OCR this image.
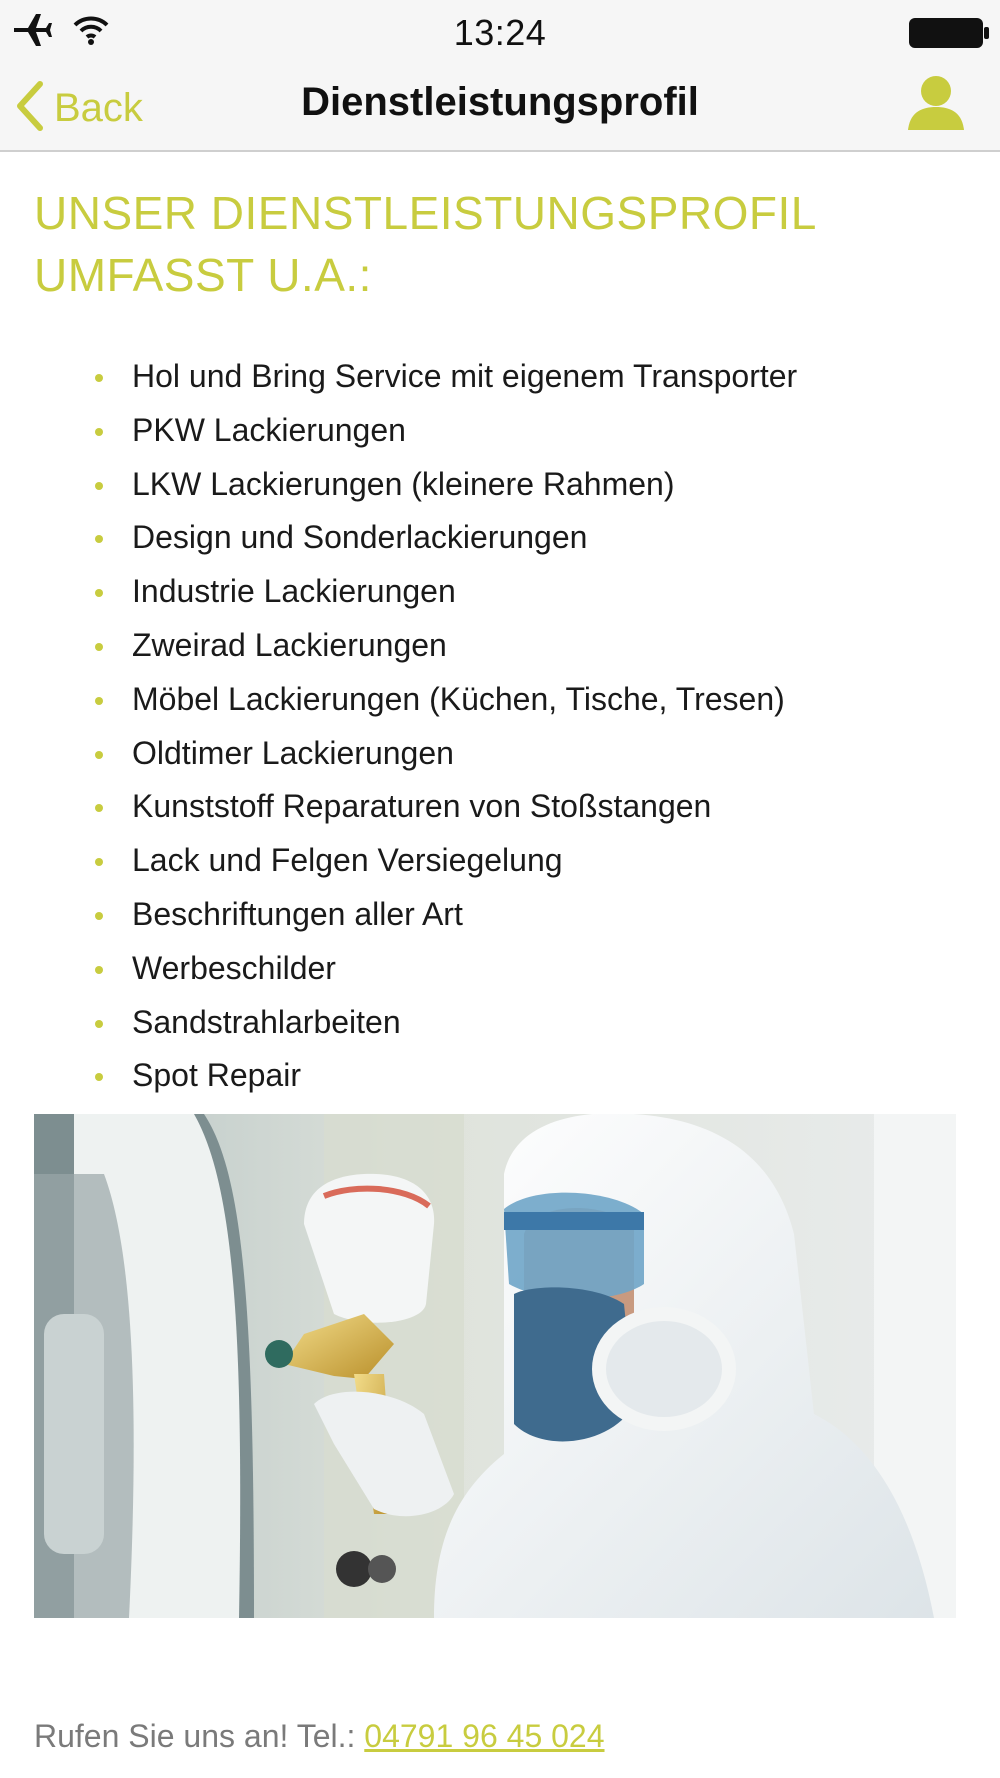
13:24
Back	Dienstleistungsprofil
UNSER DIENSTLEISTUNGSPROFIL UMFASST U.A.:
Hol und Bring Service mit eigenem Transporter
PKW Lackierungen
LKW Lackierungen (kleinere Rahmen)
Design und Sonderlackierungen
Industrie Lackierungen
Zweirad Lackierungen
Möbel Lackierungen (Küchen, Tische, Tresen)
Oldtimer Lackierungen
Kunststoff Reparaturen von Stoßstangen
Lack und Felgen Versiegelung
Beschriftungen aller Art
Werbeschilder
Sandstrahlarbeiten
Spot Repair
Rufen Sie uns an! Tel.: 04791 96 45 024
